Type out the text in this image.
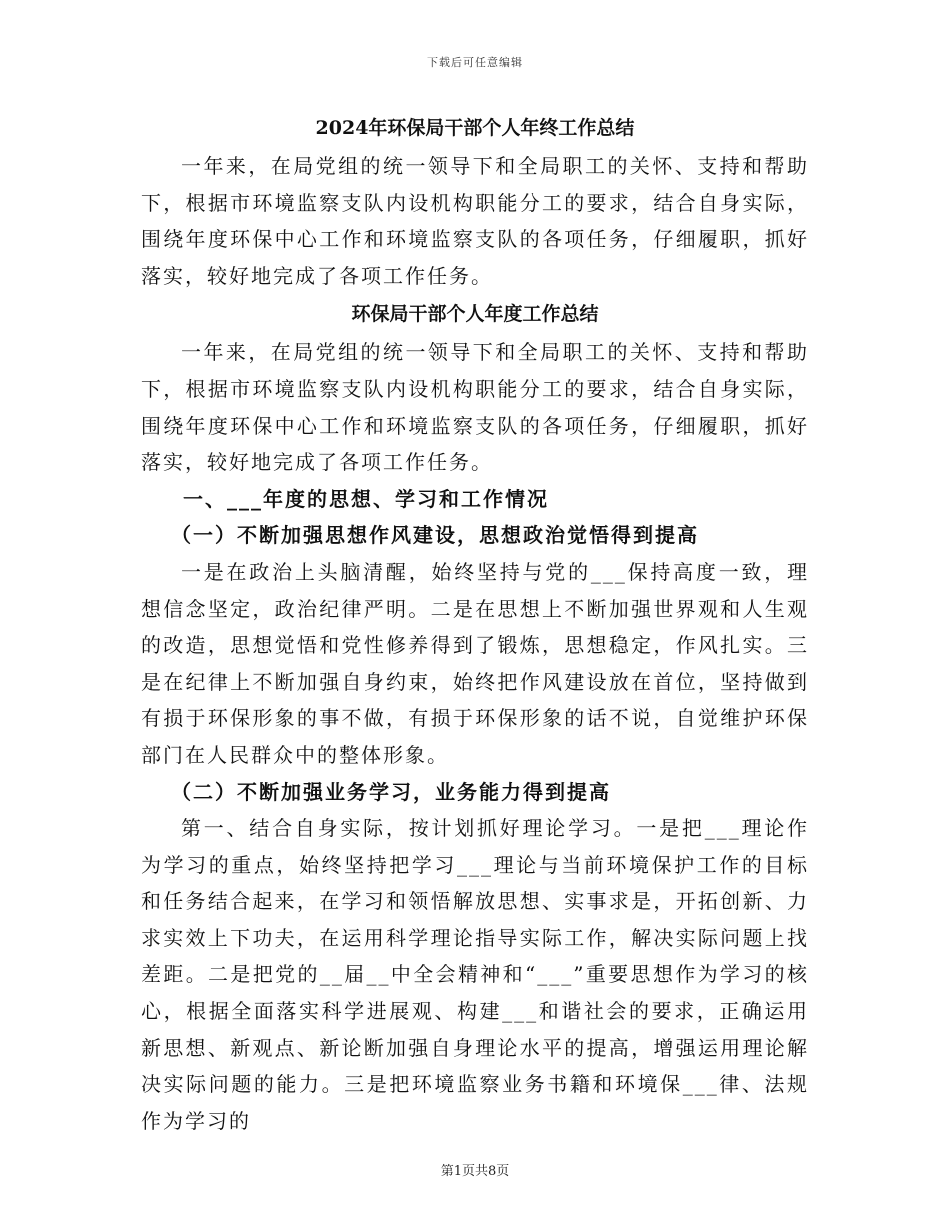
下载后可任意编辑

2024年环保局干部个人年终工作总结

一年来，在局党组的统一领导下和全局职工的关怀、支持和帮助下，根据市环境监察支队内设机构职能分工的要求，结合自身实际，围绕年度环保中心工作和环境监察支队的各项任务，仔细履职，抓好落实，较好地完成了各项工作任务。

环保局干部个人年度工作总结

一年来，在局党组的统一领导下和全局职工的关怀、支持和帮助下，根据市环境监察支队内设机构职能分工的要求，结合自身实际，围绕年度环保中心工作和环境监察支队的各项任务，仔细履职，抓好落实，较好地完成了各项工作任务。

一、___年度的思想、学习和工作情况

（一）不断加强思想作风建设，思想政治觉悟得到提高

一是在政治上头脑清醒，始终坚持与党的___保持高度一致，理想信念坚定，政治纪律严明。二是在思想上不断加强世界观和人生观的改造，思想觉悟和党性修养得到了锻炼，思想稳定，作风扎实。三是在纪律上不断加强自身约束，始终把作风建设放在首位，坚持做到有损于环保形象的事不做，有损于环保形象的话不说，自觉维护环保部门在人民群众中的整体形象。

（二）不断加强业务学习，业务能力得到提高

第一、结合自身实际，按计划抓好理论学习。一是把___理论作为学习的重点，始终坚持把学习___理论与当前环境保护工作的目标和任务结合起来，在学习和领悟解放思想、实事求是，开拓创新、力求实效上下功夫，在运用科学理论指导实际工作，解决实际问题上找差距。二是把党的__届__中全会精神和“___”重要思想作为学习的核心，根据全面落实科学进展观、构建___和谐社会的要求，正确运用新思想、新观点、新论断加强自身理论水平的提高，增强运用理论解决实际问题的能力。三是把环境监察业务书籍和环境保___律、法规作为学习的

第1页共8页
